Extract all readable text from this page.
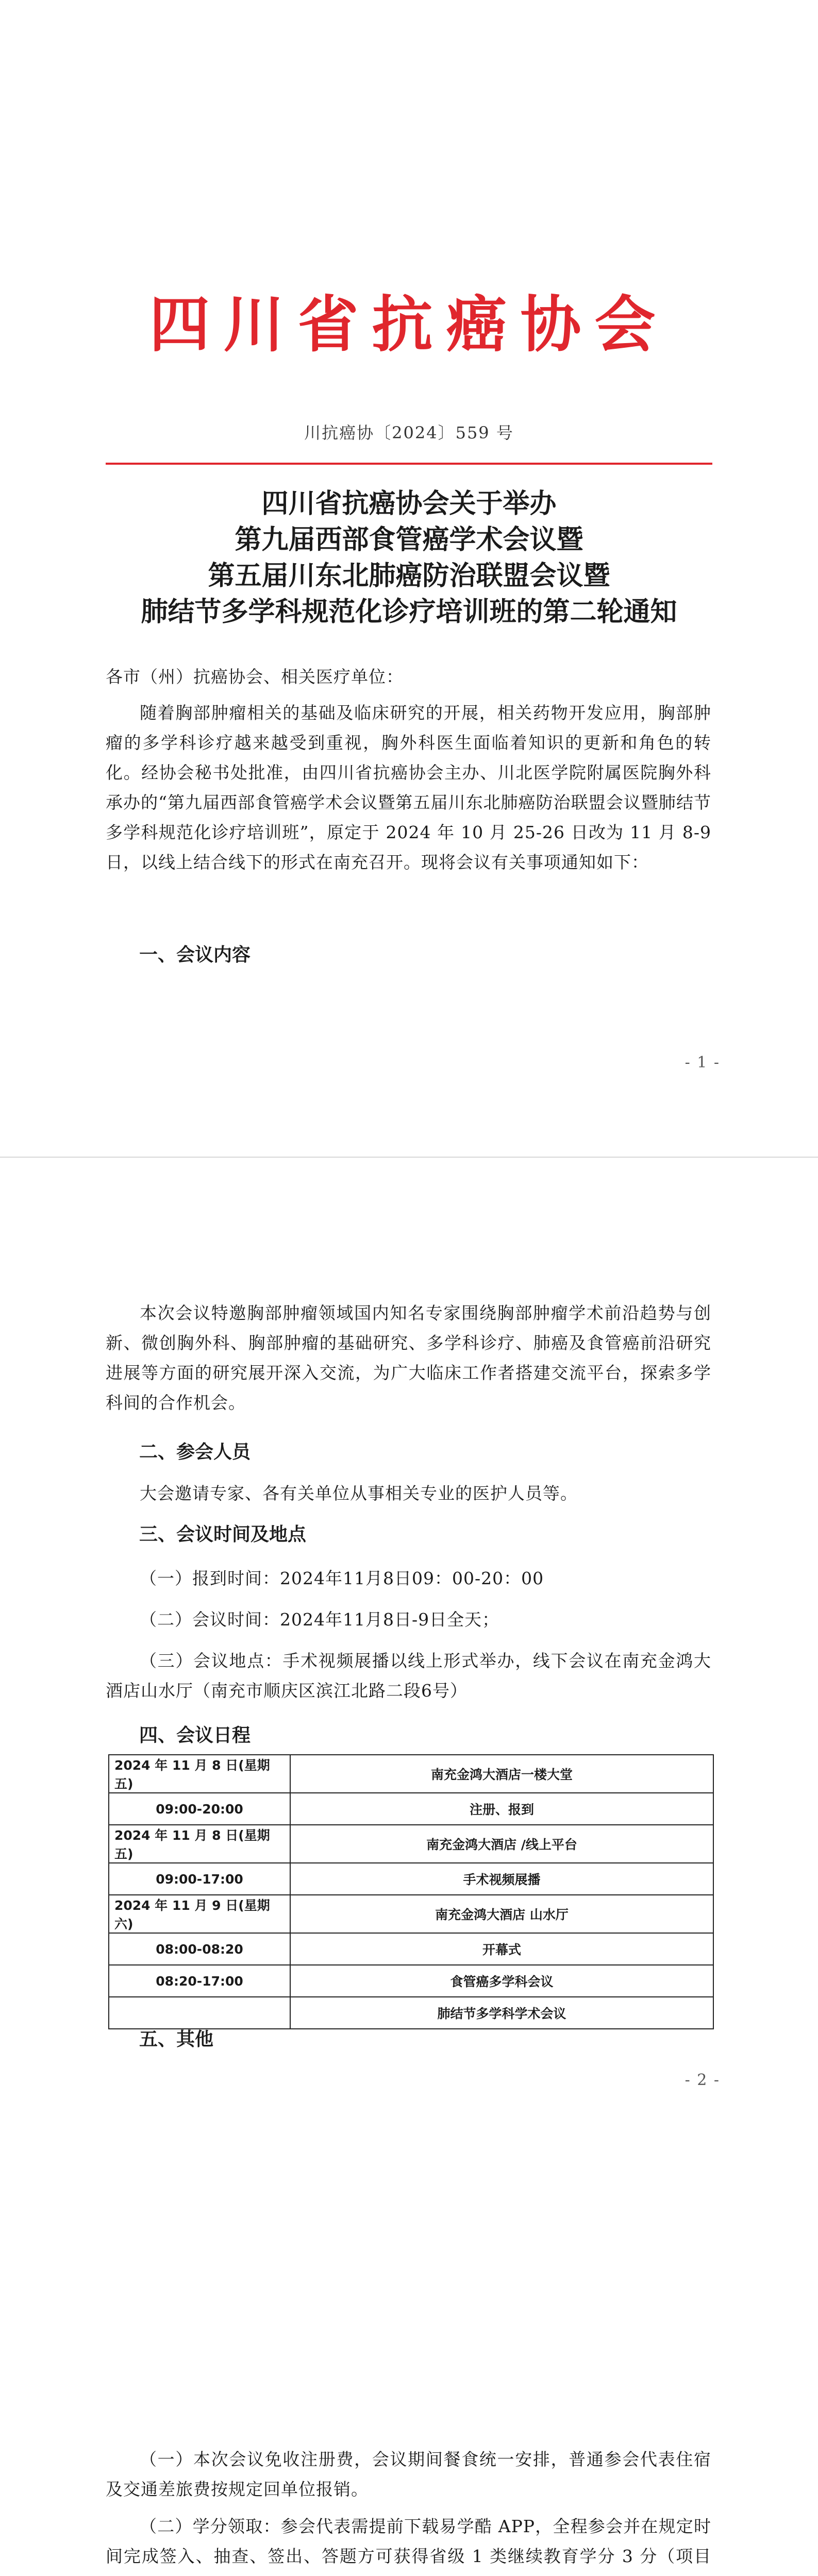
四川省抗癌协会
川抗癌协〔2024〕559 号
四川省抗癌协会关于举办
第九届西部食管癌学术会议暨
第五届川东北肺癌防治联盟会议暨
肺结节多学科规范化诊疗培训班的第二轮通知
各市（州）抗癌协会、相关医疗单位：
随着胸部肿瘤相关的基础及临床研究的开展，相关药物开发应用，胸部肿瘤的多学科诊疗越来越受到重视，胸外科医生面临着知识的更新和角色的转化。经协会秘书处批准，由四川省抗癌协会主办、川北医学院附属医院胸外科承办的“第九届西部食管癌学术会议暨第五届川东北肺癌防治联盟会议暨肺结节多学科规范化诊疗培训班”，原定于 2024 年 10 月 25-26 日改为 11 月 8-9 日，以线上结合线下的形式在南充召开。现将会议有关事项通知如下：
一、会议内容
- 1 -
本次会议特邀胸部肿瘤领域国内知名专家围绕胸部肿瘤学术前沿趋势与创新、微创胸外科、胸部肿瘤的基础研究、多学科诊疗、肺癌及食管癌前沿研究进展等方面的研究展开深入交流，为广大临床工作者搭建交流平台，探索多学科间的合作机会。
二、参会人员
大会邀请专家、各有关单位从事相关专业的医护人员等。
三、会议时间及地点
（一）报到时间：2024年11月8日09：00-20：00
（二）会议时间：2024年11月8日-9日全天；
（三）会议地点：手术视频展播以线上形式举办，线下会议在南充金鸿大酒店山水厅（南充市顺庆区滨江北路二段6号）
四、会议日程
2024 年 11 月 8 日(星期五)	南充金鸿大酒店一楼大堂
09:00-20:00	注册、报到
2024 年 11 月 8 日(星期五)	南充金鸿大酒店 /线上平台
09:00-17:00	手术视频展播
2024 年 11 月 9 日(星期六)	南充金鸿大酒店 山水厅
08:00-08:20	开幕式
08:20-17:00	食管癌多学科会议
	肺结节多学科学术会议
五、其他
- 2 -
（一）本次会议免收注册费，会议期间餐食统一安排，普通参会代表住宿及交通差旅费按规定回单位报销。
（二）学分领取：参会代表需提前下载易学酷 APP，全程参会并在规定时间完成签入、抽查、签出、答题方可获得省级 1 类继续教育学分 3 分（项目
